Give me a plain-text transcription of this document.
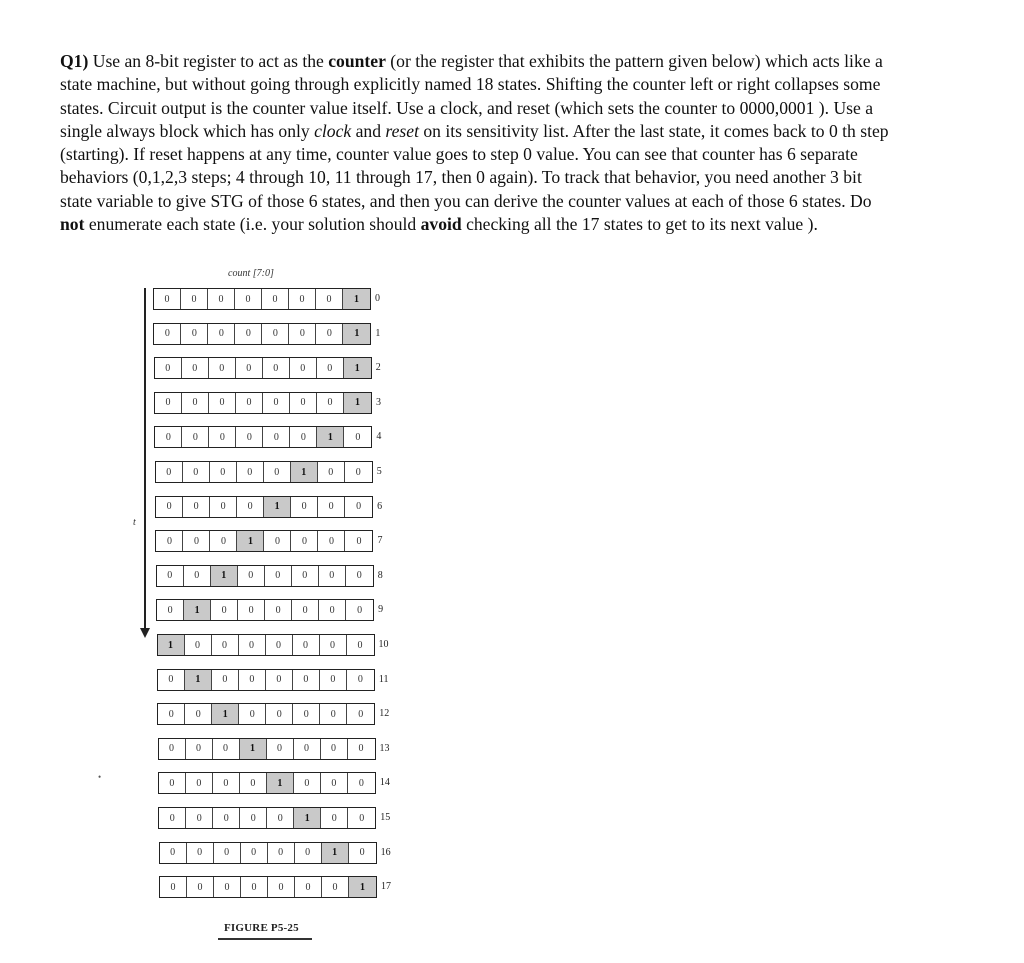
Q1) Use an 8-bit register to act as the counter (or the register that exhibits the pattern given below) which acts like a state machine, but without going through explicitly named 18 states. Shifting the counter left or right collapses some states. Circuit output is the counter value itself. Use a clock, and reset (which sets the counter to 0000,0001 ). Use a single always block which has only clock and reset on its sensitivity list. After the last state, it comes back to 0 th step (starting). If reset happens at any time, counter value goes to step 0 value. You can see that counter has 6 separate behaviors (0,1,2,3 steps; 4 through 10, 11 through 17, then 0 again). To track that behavior, you need another 3 bit state variable to give STG of those 6 states, and then you can derive the counter values at each of those 6 states. Do not enumerate each state (i.e. your solution should avoid checking all the 17 states to get to its next value ).

count [7:0]
t
•
0	0	0	0	0	0	0	1	0
0	0	0	0	0	0	0	1	1
0	0	0	0	0	0	0	1	2
0	0	0	0	0	0	0	1	3
0	0	0	0	0	0	1	0	4
0	0	0	0	0	1	0	0	5
0	0	0	0	1	0	0	0	6
0	0	0	1	0	0	0	0	7
0	0	1	0	0	0	0	0	8
0	1	0	0	0	0	0	0	9
1	0	0	0	0	0	0	0	10
0	1	0	0	0	0	0	0	11
0	0	1	0	0	0	0	0	12
0	0	0	1	0	0	0	0	13
0	0	0	0	1	0	0	0	14
0	0	0	0	0	1	0	0	15
0	0	0	0	0	0	1	0	16
0	0	0	0	0	0	0	1	17
FIGURE P5-25
